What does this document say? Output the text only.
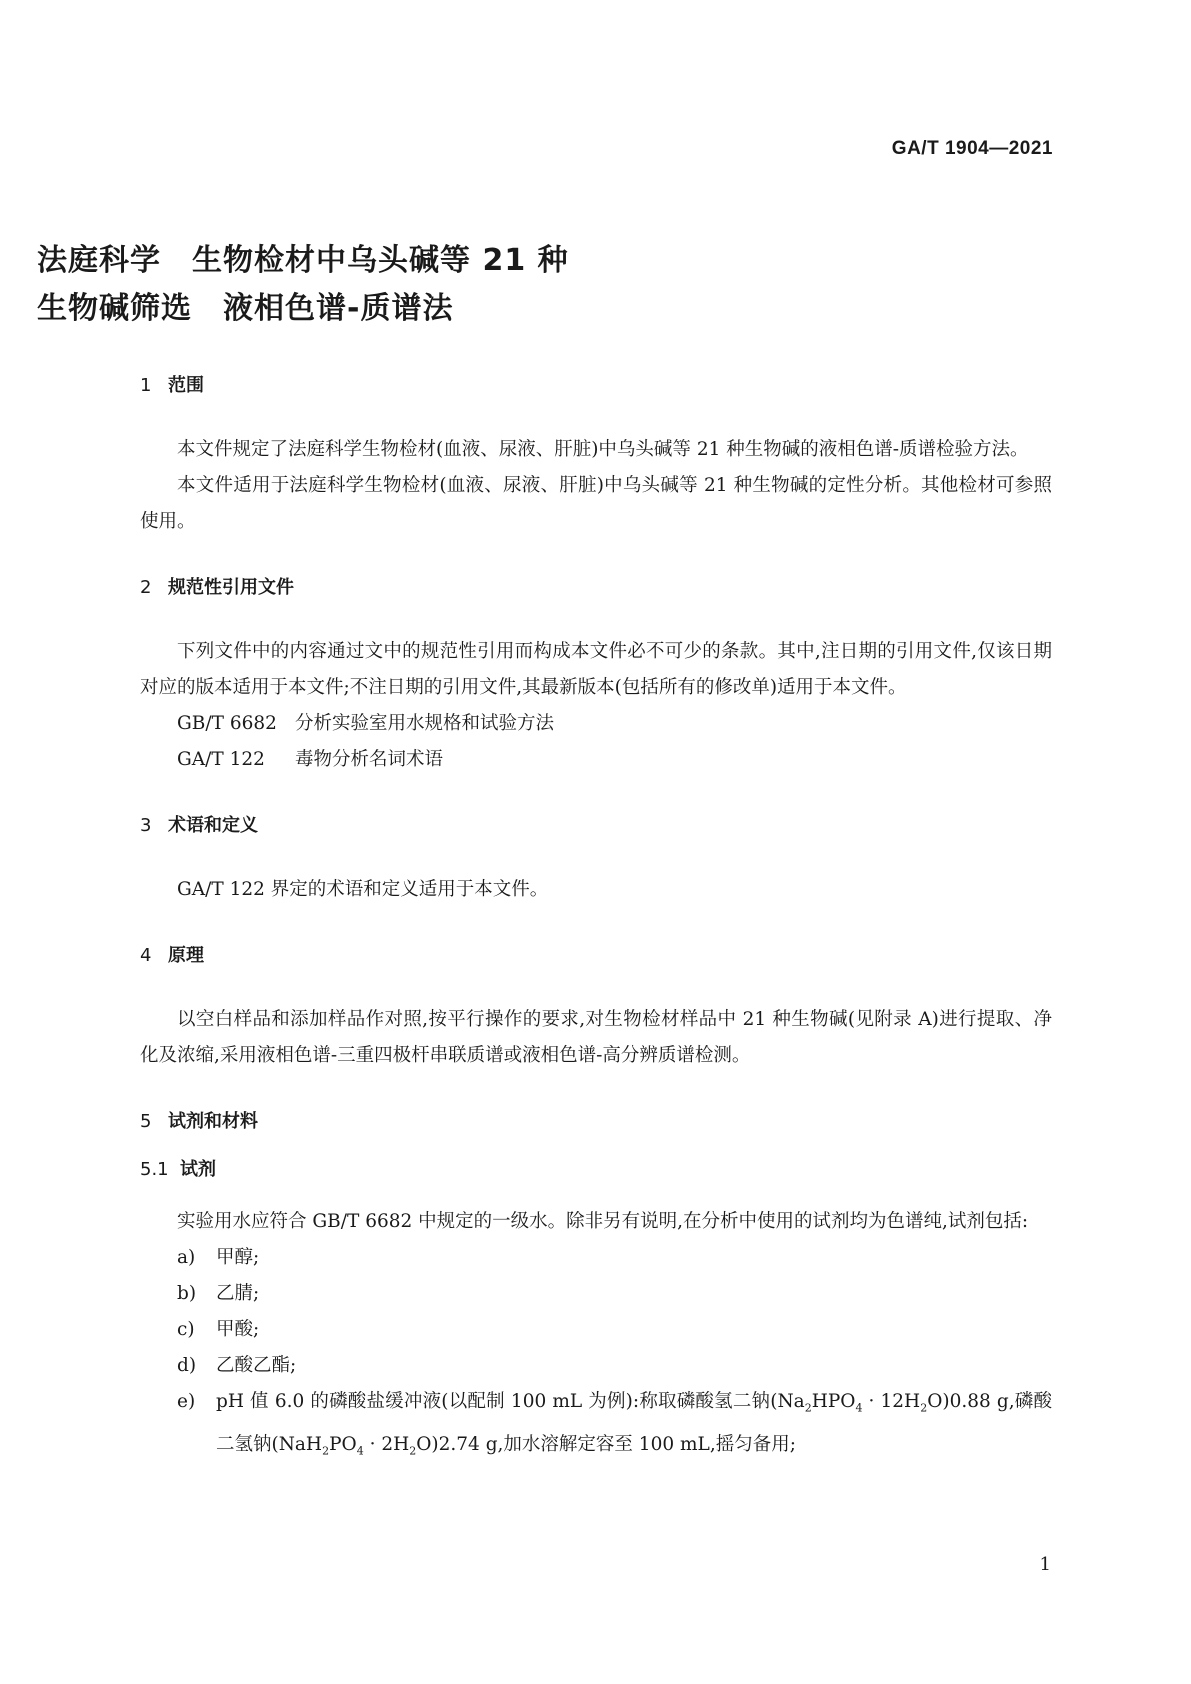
GA/T 1904—2021

法庭科学　生物检材中乌头碱等 21 种

生物碱筛选　液相色谱-质谱法

1 范围

本文件规定了法庭科学生物检材(血液、尿液、肝脏)中乌头碱等 21 种生物碱的液相色谱-质谱检验方法。

本文件适用于法庭科学生物检材(血液、尿液、肝脏)中乌头碱等 21 种生物碱的定性分析。其他检材可参照使用。

2 规范性引用文件

下列文件中的内容通过文中的规范性引用而构成本文件必不可少的条款。其中,注日期的引用文件,仅该日期对应的版本适用于本文件;不注日期的引用文件,其最新版本(包括所有的修改单)适用于本文件。

GB/T 6682 分析实验室用水规格和试验方法

GA/T 122 毒物分析名词术语

3 术语和定义

GA/T 122 界定的术语和定义适用于本文件。

4 原理

以空白样品和添加样品作对照,按平行操作的要求,对生物检材样品中 21 种生物碱(见附录 A)进行提取、净化及浓缩,采用液相色谱-三重四极杆串联质谱或液相色谱-高分辨质谱检测。

5 试剂和材料
5.1 试剂

实验用水应符合 GB/T 6682 中规定的一级水。除非另有说明,在分析中使用的试剂均为色谱纯,试剂包括:

a) 甲醇;
b) 乙腈;
c) 甲酸;
d) 乙酸乙酯;
e) pH 值 6.0 的磷酸盐缓冲液(以配制 100 mL 为例):称取磷酸氢二钠$(Na_2HPO_4 \cdot 12H_2O)0.88$ g,磷酸二氢钠$(NaH_2PO_4 \cdot 2H_2O)2.74$ g,加水溶解定容至 100 mL,摇匀备用;

1
